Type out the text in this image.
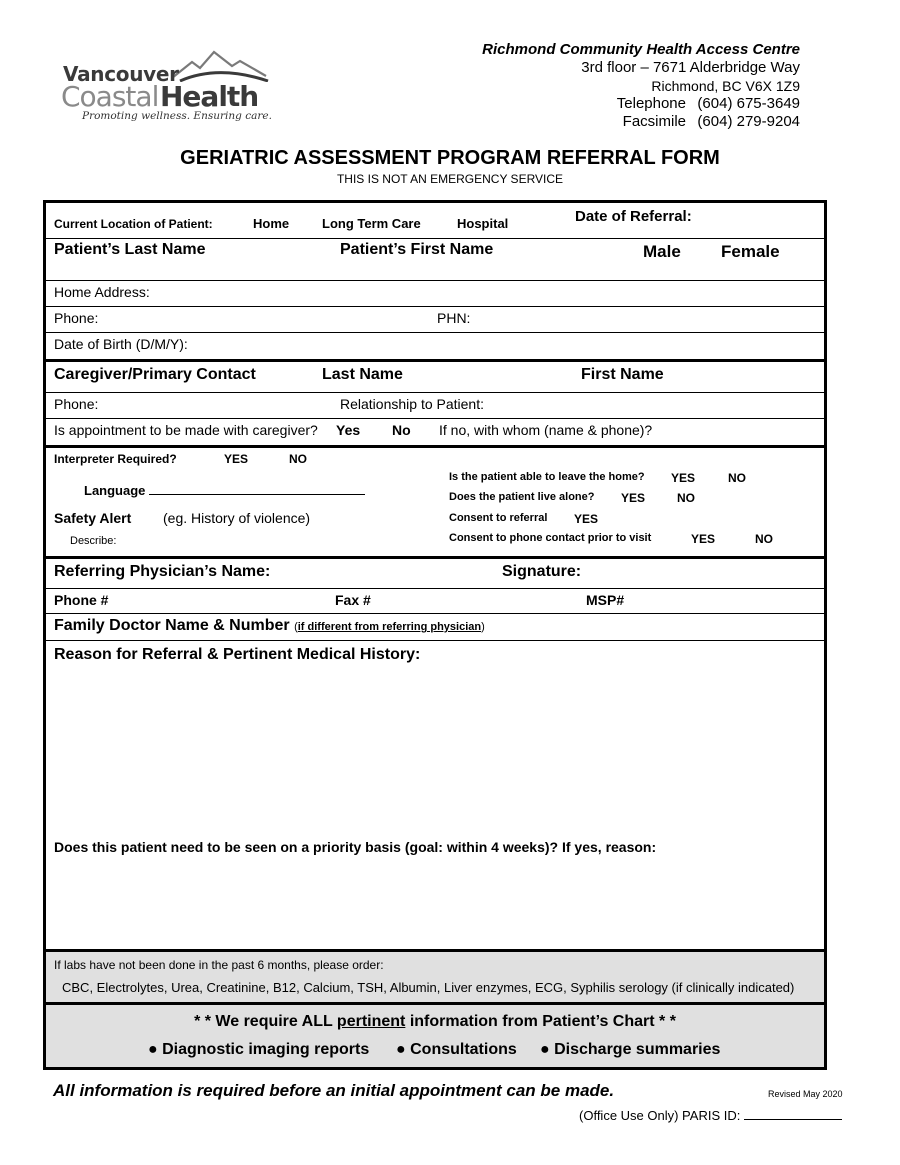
Vancouver
Coastal Health
Promoting wellness. Ensuring care.
Richmond Community Health Access Centre
3rd floor – 7671 Alderbridge Way
Richmond, BC V6X 1Z9
Telephone (604) 675-3649
Facsimile (604) 279-9204
GERIATRIC ASSESSMENT PROGRAM REFERRAL FORM
THIS IS NOT AN EMERGENCY SERVICE
Current Location of Patient:	Home	Long Term Care	Hospital	Date of Referral:
Patient’s Last Name	Patient’s First Name	Male Female
Home Address:
Phone:	PHN:
Date of Birth (D/M/Y):
Caregiver/Primary Contact	Last Name	First Name
Phone:	Relationship to Patient:
Is appointment to be made with caregiver? Yes No If no, with whom (name & phone)?
Interpreter Required?	YES	NO
Language
Safety Alert (eg. History of violence)
Describe:
Is the patient able to leave the home? YES	NO
Does the patient live alone? YES	NO
Consent to referral YES
Consent to phone contact prior to visit	YES	NO
Referring Physician’s Name:	Signature:
Phone #	Fax #	MSP#
Family Doctor Name & Number (if different from referring physician)
Reason for Referral & Pertinent Medical History:
Does this patient need to be seen on a priority basis (goal: within 4 weeks)? If yes, reason:
If labs have not been done in the past 6 months, please order:
CBC, Electrolytes, Urea, Creatinine, B12, Calcium, TSH, Albumin, Liver enzymes, ECG, Syphilis serology (if clinically indicated)
* * We require ALL pertinent information from Patient’s Chart * *
● Diagnostic imaging reports ● Consultations ● Discharge summaries
All information is required before an initial appointment can be made.	Revised May 2020
(Office Use Only) PARIS ID:
